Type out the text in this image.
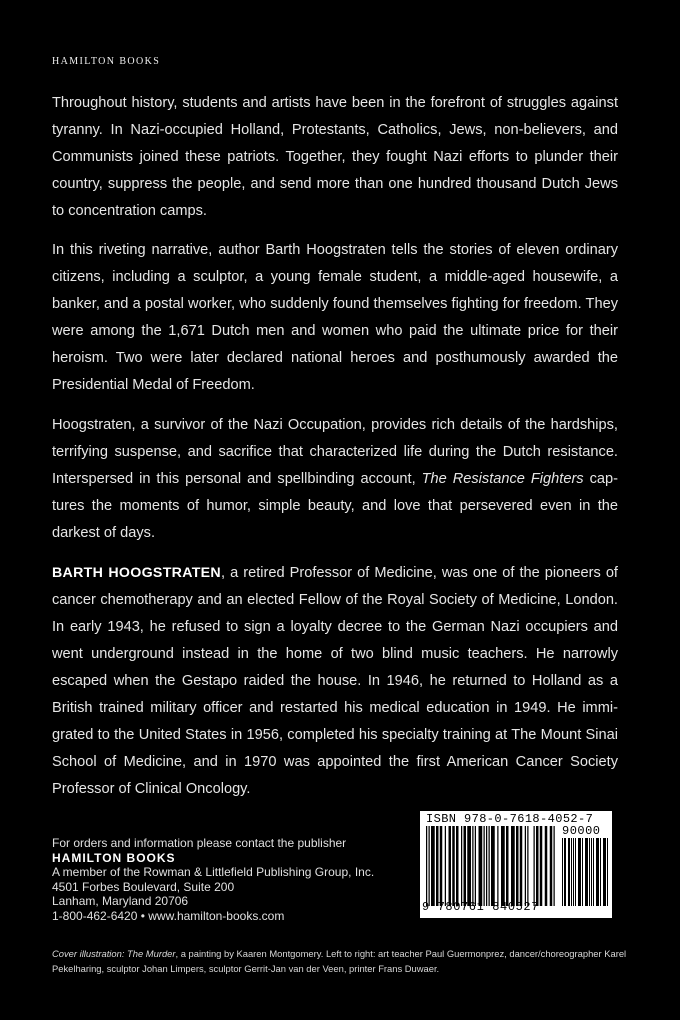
HAMILTON BOOKS

Throughout history, students and artists have been in the forefront of struggles against tyranny. In Nazi-occupied Holland, Protestants, Catholics, Jews, non-believers, and Communists joined these patriots. Together, they fought Nazi efforts to plunder their country, suppress the people, and send more than one hundred thousand Dutch Jews to concentration camps.

In this riveting narrative, author Barth Hoogstraten tells the stories of eleven ordinary citizens, including a sculptor, a young female student, a middle-aged housewife, a banker, and a postal worker, who suddenly found themselves fighting for freedom. They were among the 1,671 Dutch men and women who paid the ultimate price for their heroism. Two were later declared national heroes and posthumously awarded the Presidential Medal of Freedom.

Hoogstraten, a survivor of the Nazi Occupation, provides rich details of the hardships, terrifying suspense, and sacrifice that characterized life during the Dutch resistance. Interspersed in this personal and spellbinding account, The Resistance Fighters captures the moments of humor, simple beauty, and love that persevered even in the darkest of days.

BARTH HOOGSTRATEN, a retired Professor of Medicine, was one of the pioneers of cancer chemotherapy and an elected Fellow of the Royal Society of Medicine, London. In early 1943, he refused to sign a loyalty decree to the German Nazi occupiers and went underground instead in the home of two blind music teachers. He narrowly escaped when the Gestapo raided the house. In 1946, he returned to Holland as a British trained military officer and restarted his medical education in 1949. He immigrated to the United States in 1956, completed his specialty training at The Mount Sinai School of Medicine, and in 1970 was appointed the first American Cancer Society Professor of Clinical Oncology.

For orders and information please contact the publisher
HAMILTON BOOKS
A member of the Rowman & Littlefield Publishing Group, Inc.
4501 Forbes Boulevard, Suite 200
Lanham, Maryland 20706
1-800-462-6420 • www.hamilton-books.com
ISBN 978-0-7618-4052-7
90000
9 780761 840527
Cover illustration: The Murder, a painting by Kaaren Montgomery. Left to right: art teacher Paul Guermonprez, dancer/choreographer Karel Pekelharing, sculptor Johan Limpers, sculptor Gerrit-Jan van der Veen, printer Frans Duwaer.
